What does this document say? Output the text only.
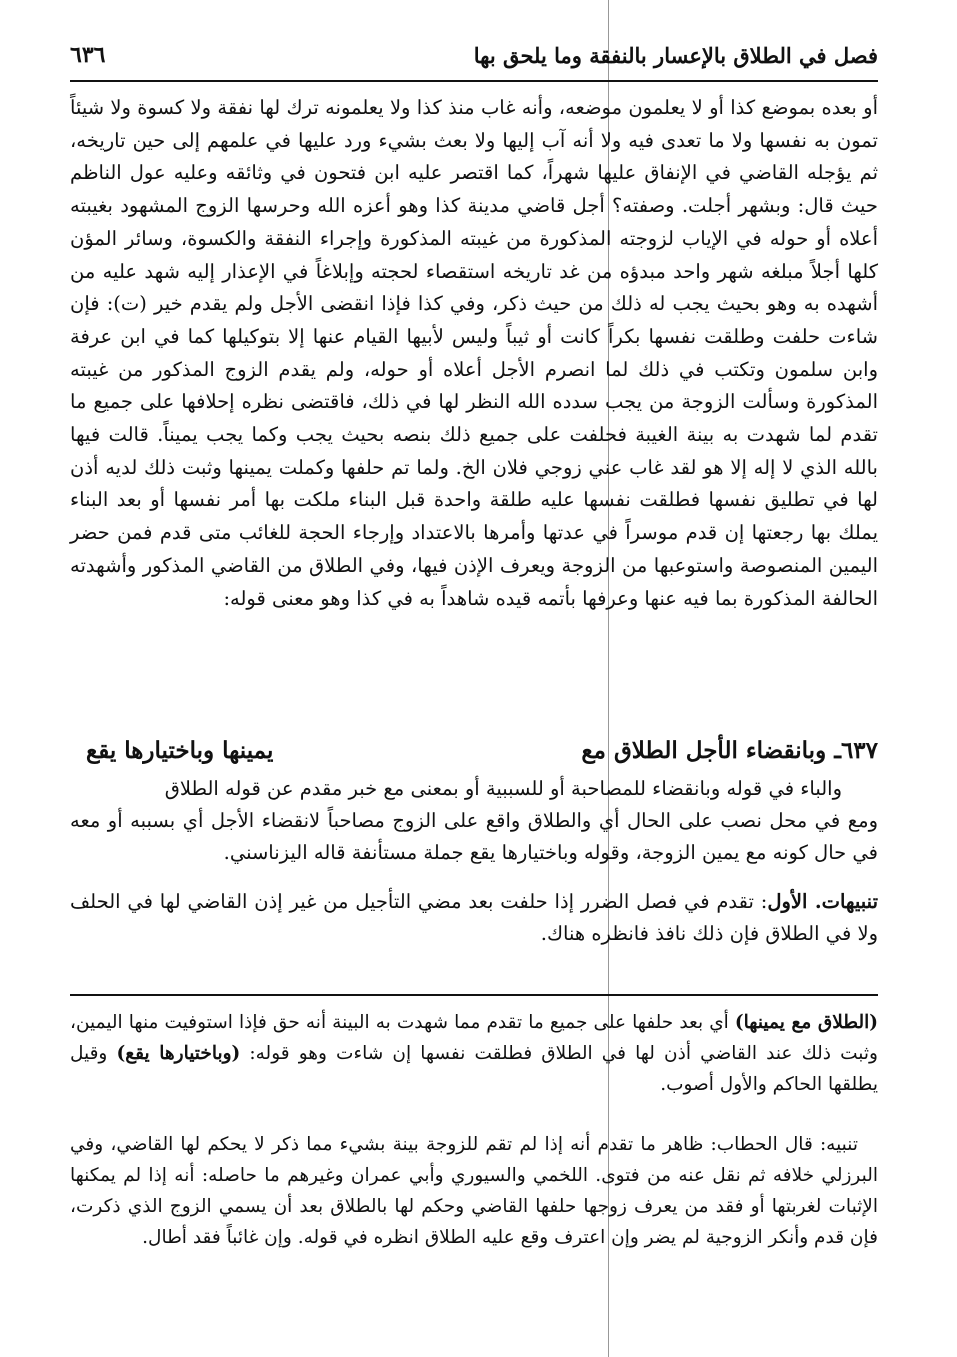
فصل في الطلاق بالإعسار بالنفقة وما يلحق بها
٦٣٦

أو بعده بموضع كذا أو لا يعلمون موضعه، وأنه غاب منذ كذا ولا يعلمونه ترك لها نفقة ولا كسوة ولا شيئاً تمون به نفسها ولا ما تعدى فيه ولا أنه آب إليها ولا بعث بشيء ورد عليها في علمهم إلى حين تاريخه، ثم يؤجله القاضي في الإنفاق عليها شهراً، كما اقتصر عليه ابن فتحون في وثائقه وعليه عول الناظم حيث قال: وبشهر أجلت. وصفته؟ أجل قاضي مدينة كذا وهو أعزه الله وحرسها الزوج المشهود بغيبته أعلاه أو حوله في الإياب لزوجته المذكورة من غيبته المذكورة وإجراء النفقة والكسوة، وسائر المؤن كلها أجلاً مبلغه شهر واحد مبدؤه من غد تاريخه استقصاء لحجته وإبلاغاً في الإعذار إليه شهد عليه من أشهده به وهو بحيث يجب له ذلك من حيث ذكر، وفي كذا فإذا انقضى الأجل ولم يقدم خير (ت): فإن شاءت حلفت وطلقت نفسها بكراً كانت أو ثيباً وليس لأبيها القيام عنها إلا بتوكيلها كما في ابن عرفة وابن سلمون وتكتب في ذلك لما انصرم الأجل أعلاه أو حوله، ولم يقدم الزوج المذكور من غيبته المذكورة وسألت الزوجة من يجب سدده الله النظر لها في ذلك، فاقتضى نظره إحلافها على جميع ما تقدم لما شهدت به بينة الغيبة فحلفت على جميع ذلك بنصه بحيث يجب وكما يجب يميناً. قالت فيها بالله الذي لا إله إلا هو لقد غاب عني زوجي فلان الخ. ولما تم حلفها وكملت يمينها وثبت ذلك لديه أذن لها في تطليق نفسها فطلقت نفسها عليه طلقة واحدة قبل البناء ملكت بها أمر نفسها أو بعد البناء يملك بها رجعتها إن قدم موسراً في عدتها وأمرها بالاعتداد وإرجاء الحجة للغائب متى قدم فمن حضر اليمين المنصوصة واستوعبها من الزوجة ويعرف الإذن فيها، وفي الطلاق من القاضي المذكور وأشهدته الحالفة المذكورة بما فيه عنها وعرفها بأتمه قيده شاهداً به في كذا وهو معنى قوله:

٦٣٧ـ وبانقضاء الأجل الطلاق مع
يمينها وباختيارها يقع

والباء في قوله وبانقضاء للمصاحبة أو للسببية أو بمعنى مع خبر مقدم عن قوله الطلاق

ومع في محل نصب على الحال أي والطلاق واقع على الزوج مصاحباً لانقضاء الأجل أي بسببه أو معه في حال كونه مع يمين الزوجة، وقوله وباختيارها يقع جملة مستأنفة قاله اليزناسني.

تنبيهات. الأول: تقدم في فصل الضرر إذا حلفت بعد مضي التأجيل من غير إذن القاضي لها في الحلف ولا في الطلاق فإن ذلك نافذ فانظره هناك.

(الطلاق مع يمينها) أي بعد حلفها على جميع ما تقدم مما شهدت به البينة أنه حق فإذا استوفيت منها اليمين، وثبت ذلك عند القاضي أذن لها في الطلاق فطلقت نفسها إن شاءت وهو قوله: (وباختيارها يقع) وقيل يطلقها الحاكم والأول أصوب.

تنبيه: قال الحطاب: ظاهر ما تقدم أنه إذا لم تقم للزوجة بينة بشيء مما ذكر لا يحكم لها القاضي، وفي البرزلي خلافه ثم نقل عنه من فتوى. اللخمي والسيوري وأبي عمران وغيرهم ما حاصله: أنه إذا لم يمكنها الإثبات لغربتها أو فقد من يعرف زوجها حلفها القاضي وحكم لها بالطلاق بعد أن يسمي الزوج الذي ذكرت، فإن قدم وأنكر الزوجية لم يضر وإن اعترف وقع عليه الطلاق انظره في قوله. وإن غائباً فقد أطال.
